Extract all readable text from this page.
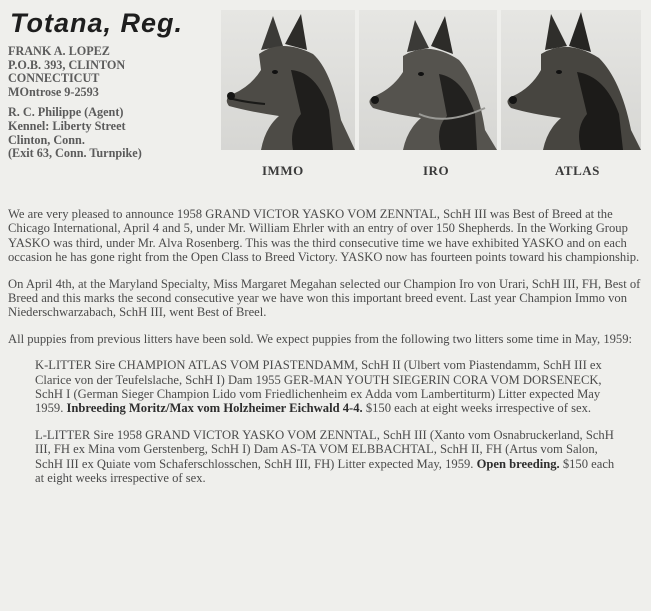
Totana, Reg.
FRANK A. LOPEZ
P.O.B. 393, CLINTON
CONNECTICUT
MOntrose 9-2593
R. C. Philippe (Agent)
Kennel: Liberty Street
Clinton, Conn.
(Exit 63, Conn. Turnpike)
IMMO	IRO	ATLAS

We are very pleased to announce 1958 GRAND VICTOR YASKO VOM ZENNTAL, SchH III was Best of Breed at the Chicago International, April 4 and 5, under Mr. William Ehrler with an entry of over 150 Shepherds. In the Working Group YASKO was third, under Mr. Alva Rosenberg. This was the third consecutive time we have exhibited YASKO and on each occasion he has gone right from the Open Class to Breed Victory. YASKO now has fourteen points toward his championship.

On April 4th, at the Maryland Specialty, Miss Margaret Megahan selected our Champion Iro von Urari, SchH III, FH, Best of Breed and this marks the second consecutive year we have won this important breed event. Last year Champion Immo von Niederschwarzabach, SchH III, went Best of Breel.

All puppies from previous litters have been sold. We expect puppies from the following two litters some time in May, 1959:

K-LITTER Sire CHAMPION ATLAS VOM PIASTENDAMM, SchH II (Ulbert vom Piastendamm, SchH III ex Clarice von der Teufelslache, SchH I) Dam 1955 GER-MAN YOUTH SIEGERIN CORA VOM DORSENECK, SchH I (German Sieger Champion Lido vom Friedlichenheim ex Adda vom Lambertiturm) Litter expected May 1959. Inbreeding Moritz/Max vom Holzheimer Eichwald 4-4. $150 each at eight weeks irrespective of sex.

L-LITTER Sire 1958 GRAND VICTOR YASKO VOM ZENNTAL, SchH III (Xanto vom Osnabruckerland, SchH III, FH ex Mina vom Gerstenberg, SchH I) Dam AS-TA VOM ELBBACHTAL, SchH II, FH (Artus vom Salon, SchH III ex Quiate vom Schaferschlosschen, SchH III, FH) Litter expected May, 1959. Open breeding. $150 each at eight weeks irrespective of sex.
